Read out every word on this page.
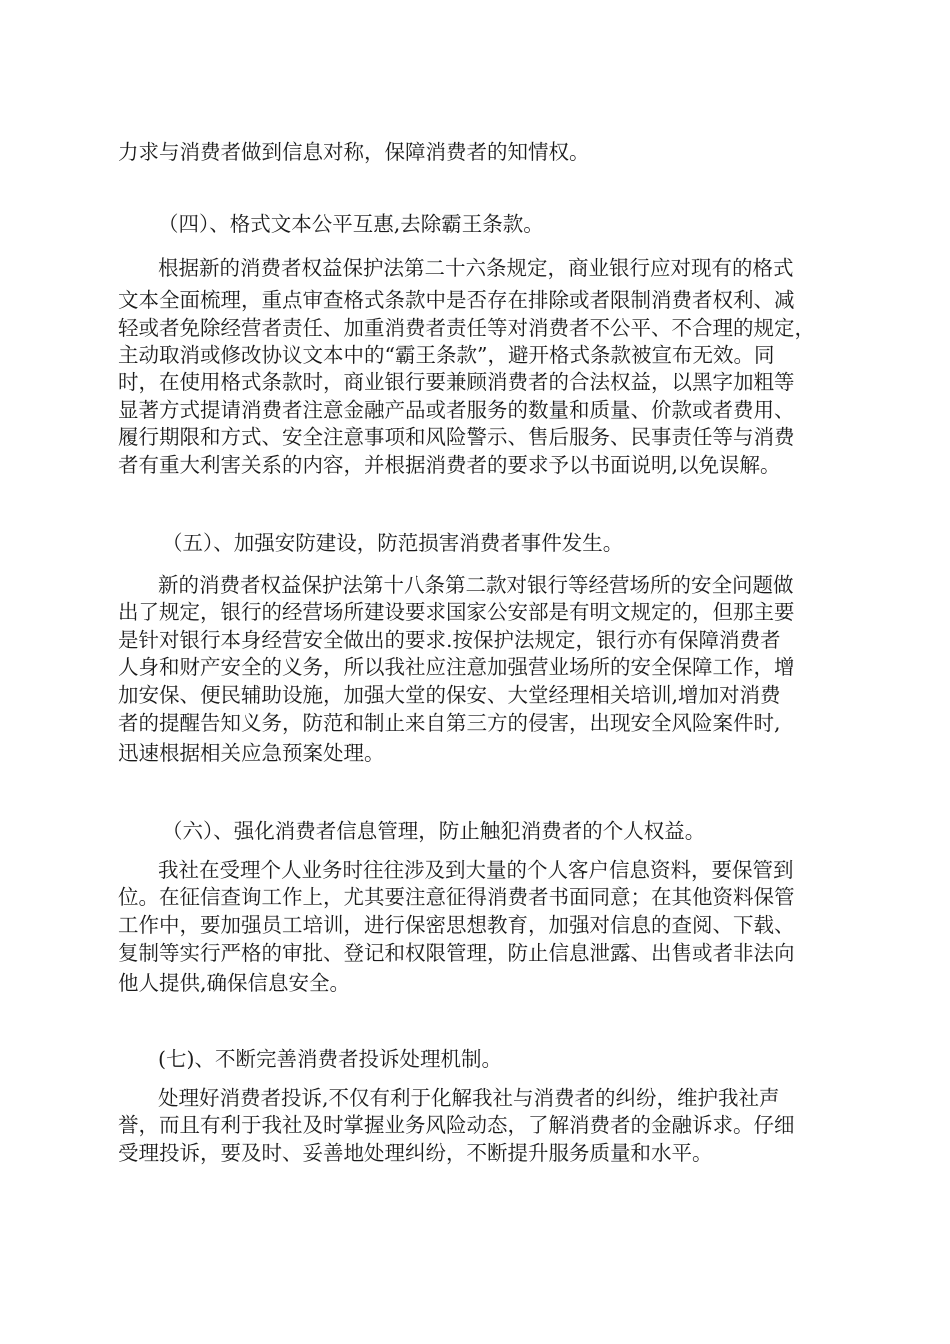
力求与消费者做到信息对称，保障消费者的知情权。
（四）、格式文本公平互惠,去除霸王条款。
根据新的消费者权益保护法第二十六条规定，商业银行应对现有的格式
文本全面梳理，重点审查格式条款中是否存在排除或者限制消费者权利、减
轻或者免除经营者责任、加重消费者责任等对消费者不公平、不合理的规定，
主动取消或修改协议文本中的“霸王条款”，避开格式条款被宣布无效。同
时，在使用格式条款时，商业银行要兼顾消费者的合法权益，以黑字加粗等
显著方式提请消费者注意金融产品或者服务的数量和质量、价款或者费用、
履行期限和方式、安全注意事项和风险警示、售后服务、民事责任等与消费
者有重大利害关系的内容，并根据消费者的要求予以书面说明,以免误解。
（五）、加强安防建设，防范损害消费者事件发生。
新的消费者权益保护法第十八条第二款对银行等经营场所的安全问题做
出了规定，银行的经营场所建设要求国家公安部是有明文规定的，但那主要
是针对银行本身经营安全做出的要求.按保护法规定，银行亦有保障消费者
人身和财产安全的义务，所以我社应注意加强营业场所的安全保障工作，增
加安保、便民辅助设施，加强大堂的保安、大堂经理相关培训,增加对消费
者的提醒告知义务，防范和制止来自第三方的侵害，出现安全风险案件时,
迅速根据相关应急预案处理。
（六）、强化消费者信息管理，防止触犯消费者的个人权益。
我社在受理个人业务时往往涉及到大量的个人客户信息资料，要保管到
位。在征信查询工作上，尤其要注意征得消费者书面同意；在其他资料保管
工作中，要加强员工培训，进行保密思想教育，加强对信息的查阅、下载、
复制等实行严格的审批、登记和权限管理，防止信息泄露、出售或者非法向
他人提供,确保信息安全。
(七)、不断完善消费者投诉处理机制。
处理好消费者投诉,不仅有利于化解我社与消费者的纠纷，维护我社声
誉，而且有利于我社及时掌握业务风险动态，了解消费者的金融诉求。仔细
受理投诉，要及时、妥善地处理纠纷，不断提升服务质量和水平。
